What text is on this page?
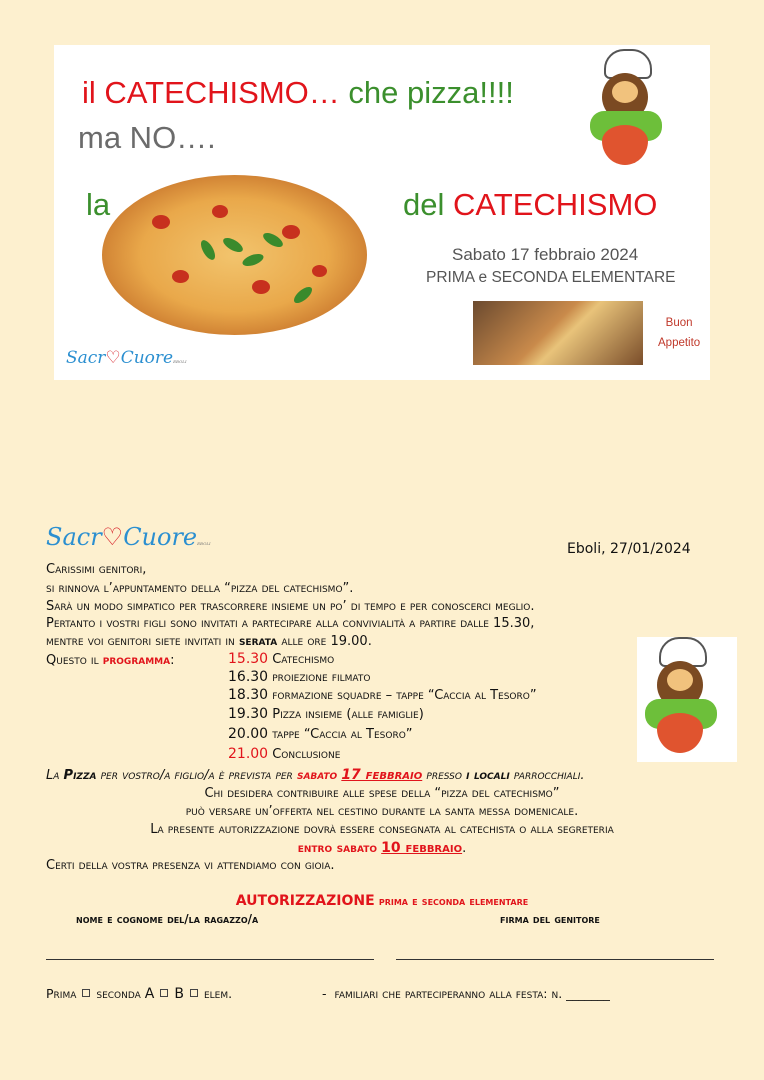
il CATECHISMO… che pizza!!!!
ma NO….
la	del CATECHISMO
Sabato 17 febbraio 2024
PRIMA e SECONDA ELEMENTARE
Buon
Appetito
Sacr♡CuoreEBOLI
Sacr♡CuoreEBOLI	Eboli, 27/01/2024
Carissimi genitori,
si rinnova l’appuntamento della “pizza del catechismo”.
Sarà un modo simpatico per trascorrere insieme un po’ di tempo e per conoscerci meglio.
Pertanto i vostri figli sono invitati a partecipare alla convivialità a partire dalle 15.30,
mentre voi genitori siete invitati in serata alle ore 19.00.
Questo il programma:	15.30 Catechismo
16.30 proiezione filmato
18.30 formazione squadre – tappe “Caccia al Tesoro”
19.30 Pizza insieme (alle famiglie)
20.00 tappe “Caccia al Tesoro”
21.00 Conclusione
La Pizza per vostro/a figlio/a è prevista per sabato 17 febbraio presso i locali parrocchiali.
Chi desidera contribuire alle spese della “pizza del catechismo”
può versare un’offerta nel cestino durante la santa messa domenicale.
La presente autorizzazione dovrà essere consegnata al catechista o alla segreteria
entro sabato 10 febbraio.
Certi della vostra presenza vi attendiamo con gioia.
AUTORIZZAZIONE prima e seconda elementare
nome e cognome del/la ragazzo/a	firma del genitore
Prima seconda A B elem.	- familiari che parteciperanno alla festa: n. _______
